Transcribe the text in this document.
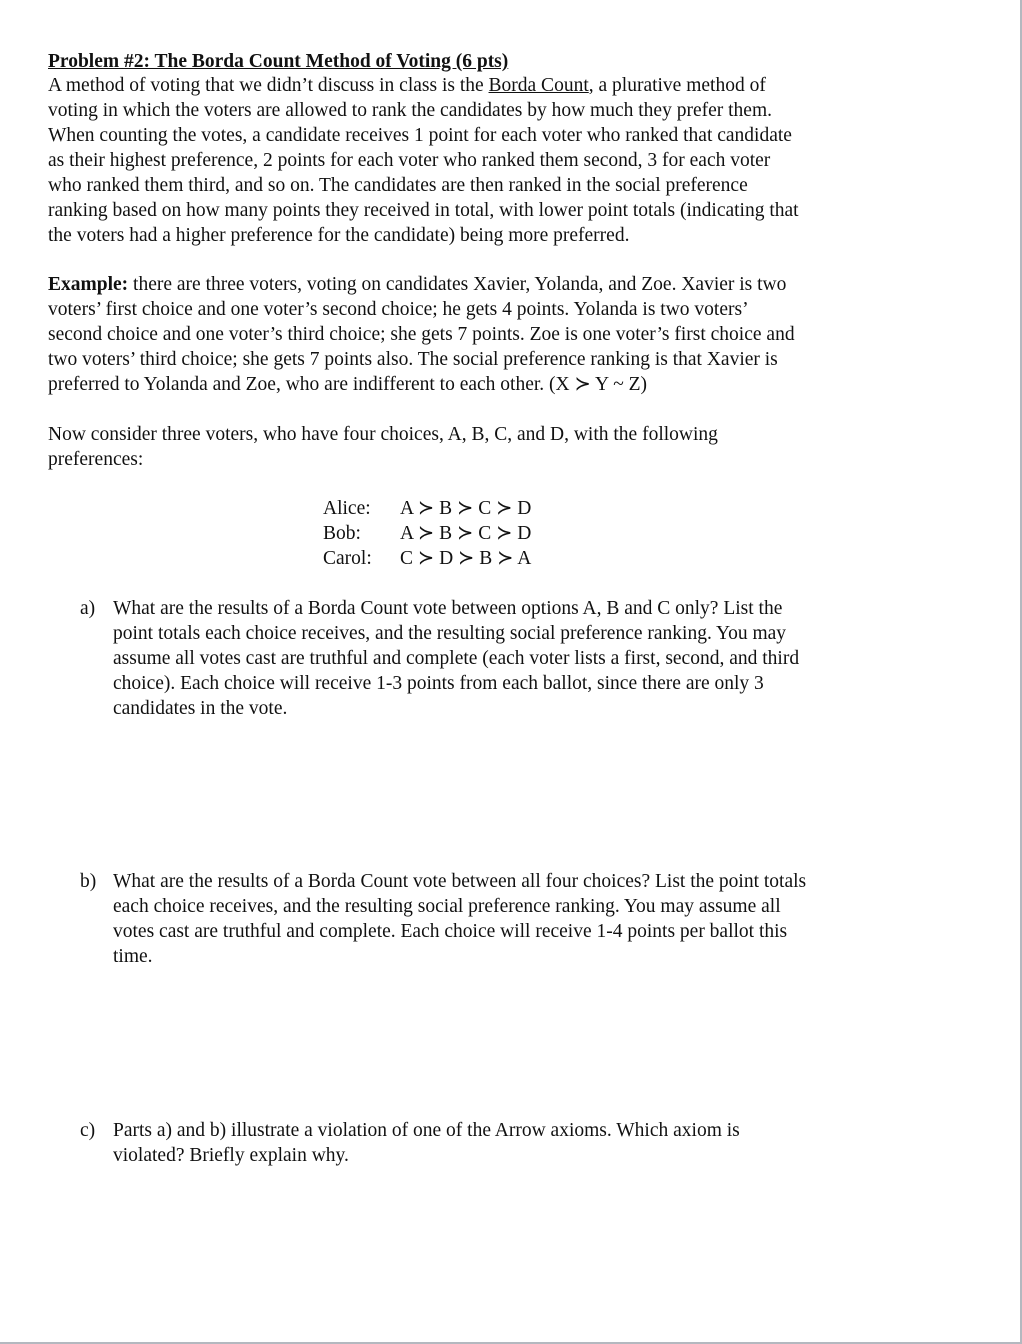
Problem #2: The Borda Count Method of Voting (6 pts)
A method of voting that we didn’t discuss in class is the Borda Count, a plurative method of
voting in which the voters are allowed to rank the candidates by how much they prefer them.
When counting the votes, a candidate receives 1 point for each voter who ranked that candidate
as their highest preference, 2 points for each voter who ranked them second, 3 for each voter
who ranked them third, and so on. The candidates are then ranked in the social preference
ranking based on how many points they received in total, with lower point totals (indicating that
the voters had a higher preference for the candidate) being more preferred.
Example: there are three voters, voting on candidates Xavier, Yolanda, and Zoe. Xavier is two
voters’ first choice and one voter’s second choice; he gets 4 points. Yolanda is two voters’
second choice and one voter’s third choice; she gets 7 points. Zoe is one voter’s first choice and
two voters’ third choice; she gets 7 points also. The social preference ranking is that Xavier is
preferred to Yolanda and Zoe, who are indifferent to each other. (X ≻ Y ~ Z)
Now consider three voters, who have four choices, A, B, C, and D, with the following
preferences:
Alice: A ≻ B ≻ C ≻ D
Bob: A ≻ B ≻ C ≻ D
Carol: C ≻ D ≻ B ≻ A
a) What are the results of a Borda Count vote between options A, B and C only? List the
point totals each choice receives, and the resulting social preference ranking. You may
assume all votes cast are truthful and complete (each voter lists a first, second, and third
choice). Each choice will receive 1-3 points from each ballot, since there are only 3
candidates in the vote.
b) What are the results of a Borda Count vote between all four choices? List the point totals
each choice receives, and the resulting social preference ranking. You may assume all
votes cast are truthful and complete. Each choice will receive 1-4 points per ballot this
time.
c) Parts a) and b) illustrate a violation of one of the Arrow axioms. Which axiom is
violated? Briefly explain why.
